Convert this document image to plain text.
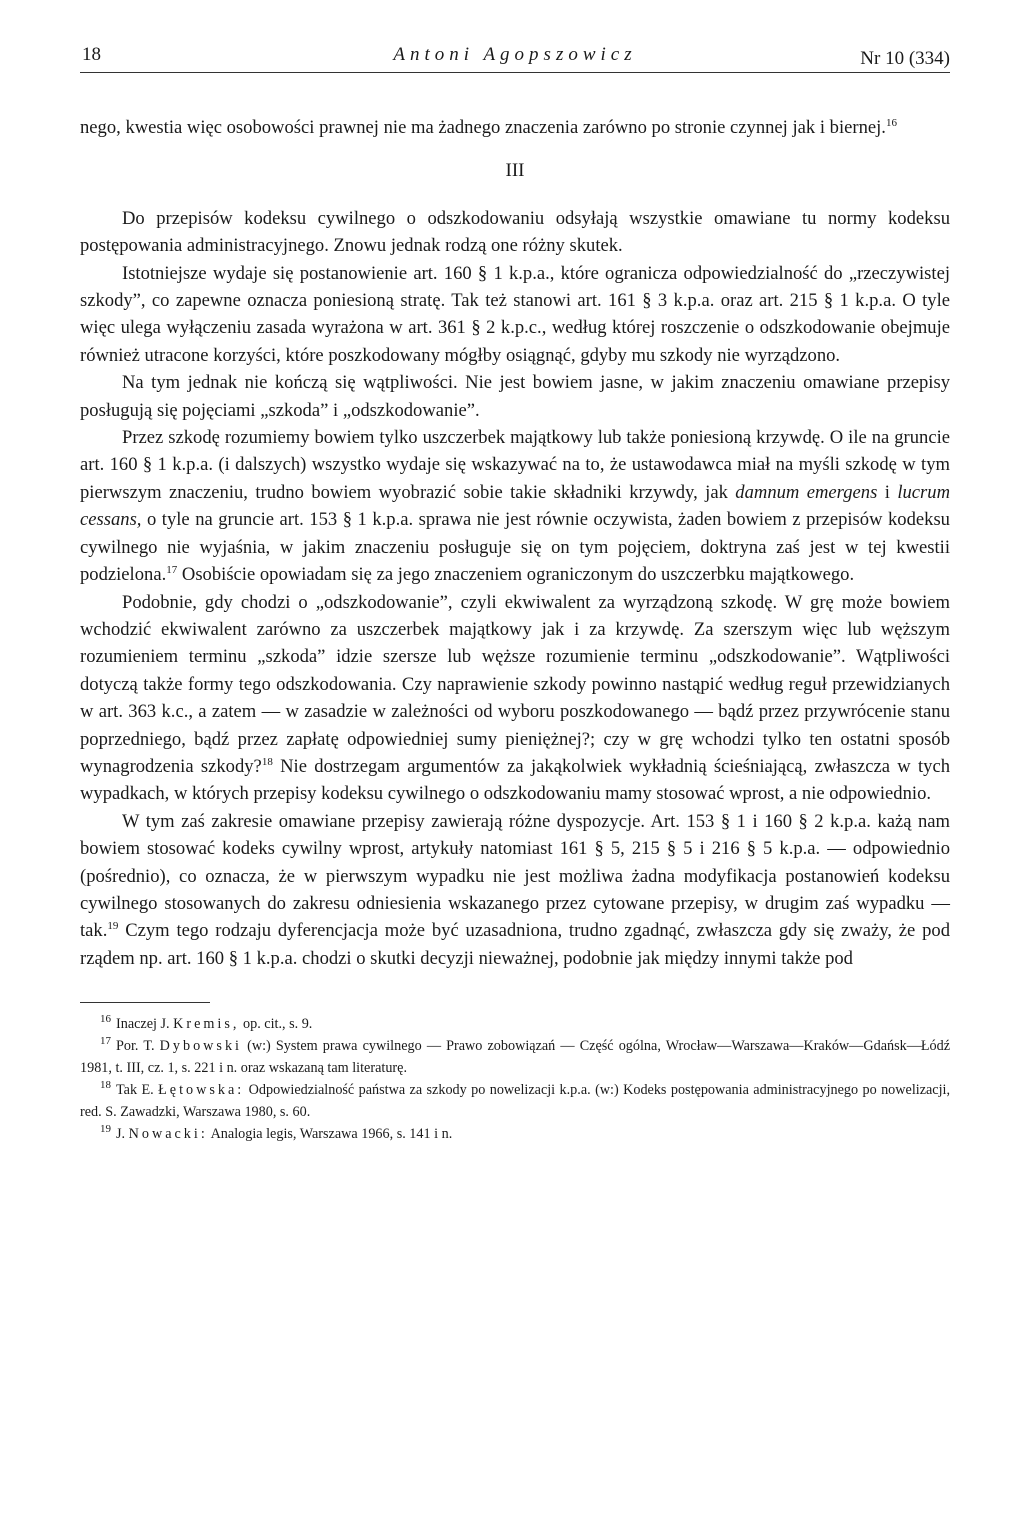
18	Antoni Agopszowicz	Nr 10 (334)

nego, kwestia więc osobowości prawnej nie ma żadnego znaczenia zarówno po stronie czynnej jak i biernej.$^{16}$

III

Do przepisów kodeksu cywilnego o odszkodowaniu odsyłają wszystkie omawiane tu normy kodeksu postępowania administracyjnego. Znowu jednak rodzą one różny skutek.

Istotniejsze wydaje się postanowienie art. 160 § 1 k.p.a., które ogranicza odpowiedzialność do „rzeczywistej szkody”, co zapewne oznacza poniesioną stratę. Tak też stanowi art. 161 § 3 k.p.a. oraz art. 215 § 1 k.p.a. O tyle więc ulega wyłączeniu zasada wyrażona w art. 361 § 2 k.p.c., według której roszczenie o odszkodowanie obejmuje również utracone korzyści, które poszkodowany mógłby osiągnąć, gdyby mu szkody nie wyrządzono.

Na tym jednak nie kończą się wątpliwości. Nie jest bowiem jasne, w jakim znaczeniu omawiane przepisy posługują się pojęciami „szkoda” i „odszkodowanie”.

Przez szkodę rozumiemy bowiem tylko uszczerbek majątkowy lub także poniesioną krzywdę. O ile na gruncie art. 160 § 1 k.p.a. (i dalszych) wszystko wydaje się wskazywać na to, że ustawodawca miał na myśli szkodę w tym pierwszym znaczeniu, trudno bowiem wyobrazić sobie takie składniki krzywdy, jak damnum emergens i lucrum cessans, o tyle na gruncie art. 153 § 1 k.p.a. sprawa nie jest równie oczywista, żaden bowiem z przepisów kodeksu cywilnego nie wyjaśnia, w jakim znaczeniu posługuje się on tym pojęciem, doktryna zaś jest w tej kwestii podzielona.$^{17}$ Osobiście opowiadam się za jego znaczeniem ograniczonym do uszczerbku majątkowego.

Podobnie, gdy chodzi o „odszkodowanie”, czyli ekwiwalent za wyrządzoną szkodę. W grę może bowiem wchodzić ekwiwalent zarówno za uszczerbek majątkowy jak i za krzywdę. Za szerszym więc lub węższym rozumieniem terminu „szkoda” idzie szersze lub węższe rozumienie terminu „odszkodowanie”. Wątpliwości dotyczą także formy tego odszkodowania. Czy naprawienie szkody powinno nastąpić według reguł przewidzianych w art. 363 k.c., a zatem — w zasadzie w zależności od wyboru poszkodowanego — bądź przez przywrócenie stanu poprzedniego, bądź przez zapłatę odpowiedniej sumy pieniężnej?; czy w grę wchodzi tylko ten ostatni sposób wynagrodzenia szkody?$^{18}$ Nie dostrzegam argumentów za jakąkolwiek wykładnią ścieśniającą, zwłaszcza w tych wypadkach, w których przepisy kodeksu cywilnego o odszkodowaniu mamy stosować wprost, a nie odpowiednio.

W tym zaś zakresie omawiane przepisy zawierają różne dyspozycje. Art. 153 § 1 i 160 § 2 k.p.a. każą nam bowiem stosować kodeks cywilny wprost, artykuły natomiast 161 § 5, 215 § 5 i 216 § 5 k.p.a. — odpowiednio (pośrednio), co oznacza, że w pierwszym wypadku nie jest możliwa żadna modyfikacja postanowień kodeksu cywilnego stosowanych do zakresu odniesienia wskazanego przez cytowane przepisy, w drugim zaś wypadku — tak.$^{19}$ Czym tego rodzaju dyferencjacja może być uzasadniona, trudno zgadnąć, zwłaszcza gdy się zważy, że pod rządem np. art. 160 § 1 k.p.a. chodzi o skutki decyzji nieważnej, podobnie jak między innymi także pod

$^{16}$ Inaczej J. Kremis, op. cit., s. 9.

$^{17}$ Por. T. Dybowski (w:) System prawa cywilnego — Prawo zobowiązań — Część ogólna, Wrocław—Warszawa—Kraków—Gdańsk—Łódź 1981, t. III, cz. 1, s. 221 i n. oraz wskazaną tam literaturę.

$^{18}$ Tak E. Łętowska: Odpowiedzialność państwa za szkody po nowelizacji k.p.a. (w:) Kodeks postępowania administracyjnego po nowelizacji, red. S. Zawadzki, Warszawa 1980, s. 60.

$^{19}$ J. Nowacki: Analogia legis, Warszawa 1966, s. 141 i n.
